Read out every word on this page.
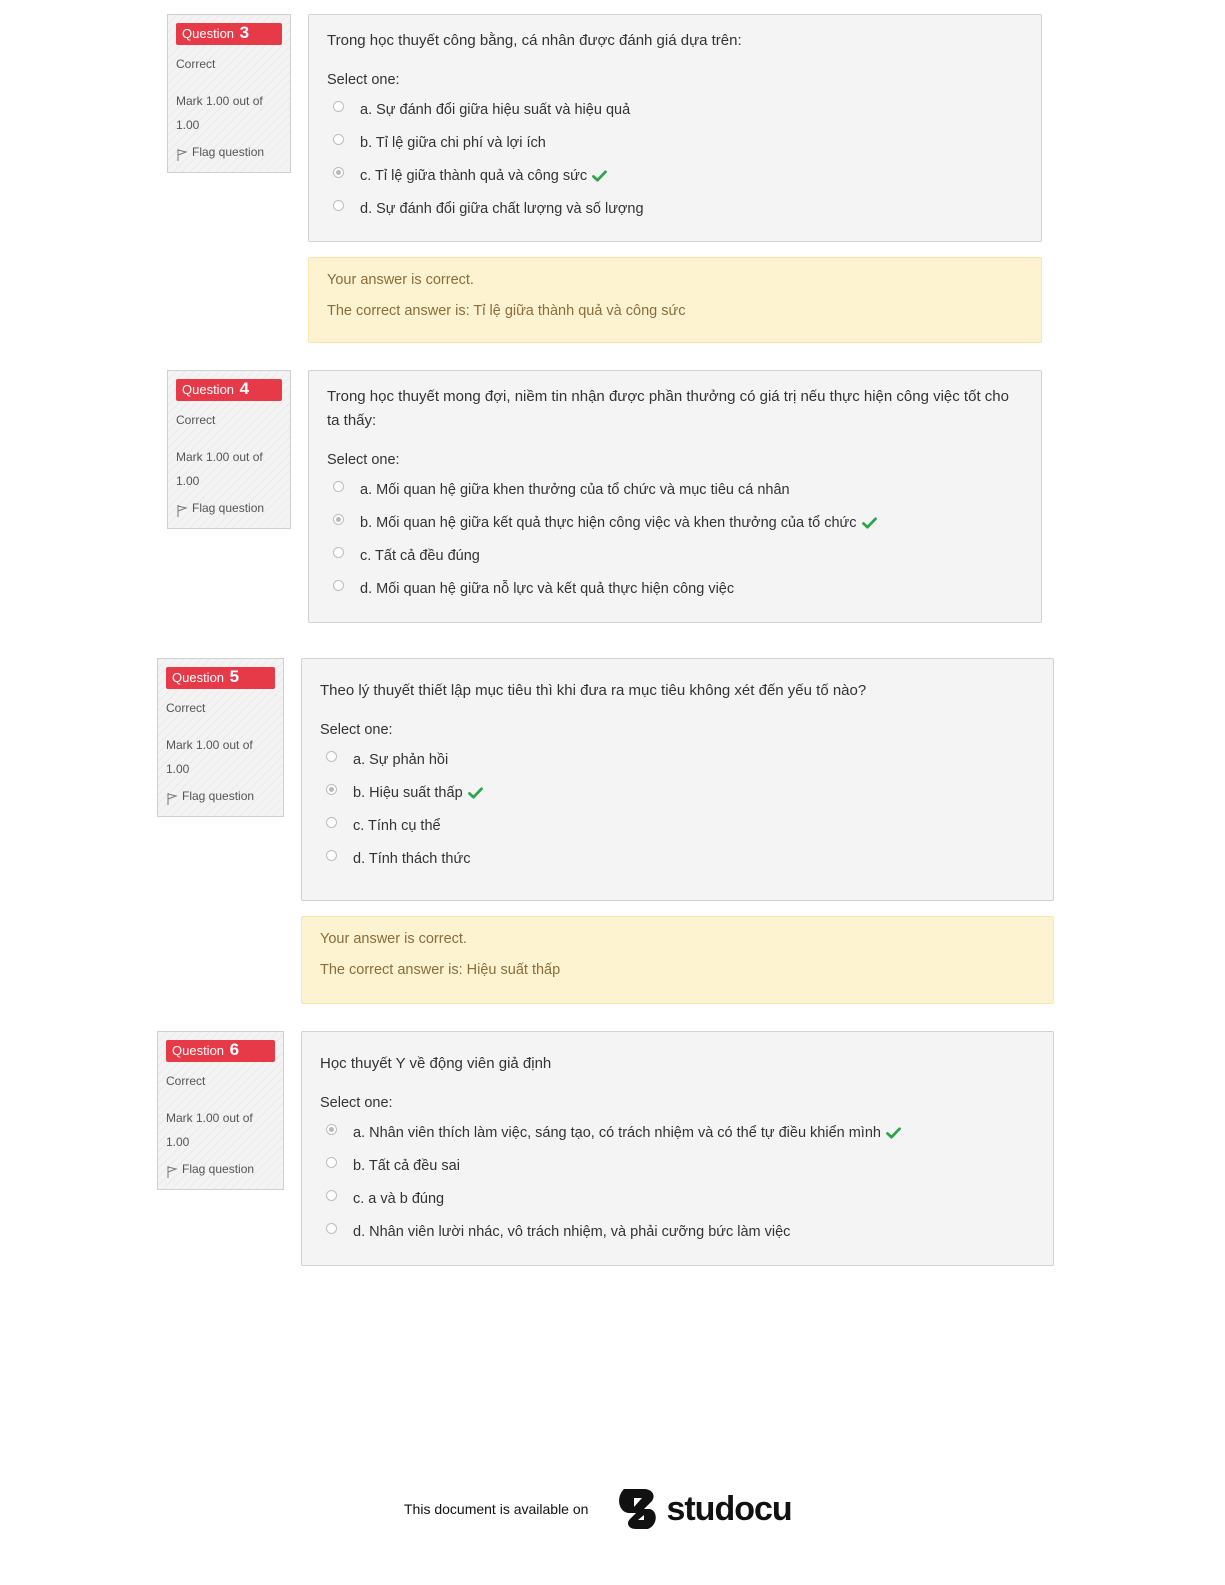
Question 3
Correct
Mark 1.00 out of 1.00
Flag question
Trong học thuyết công bằng, cá nhân được đánh giá dựa trên:
Select one:
a. Sự đánh đổi giữa hiệu suất và hiệu quả
b. Tỉ lệ giữa chi phí và lợi ích
c. Tỉ lệ giữa thành quả và công sức
d. Sự đánh đổi giữa chất lượng và số lượng
Your answer is correct.
The correct answer is: Tỉ lệ giữa thành quả và công sức
Question 4
Correct
Mark 1.00 out of 1.00
Flag question
Trong học thuyết mong đợi, niềm tin nhận được phần thưởng có giá trị nếu thực hiện công việc tốt cho ta thấy:
Select one:
a. Mối quan hệ giữa khen thưởng của tổ chức và mục tiêu cá nhân
b. Mối quan hệ giữa kết quả thực hiện công việc và khen thưởng của tổ chức
c. Tất cả đều đúng
d. Mối quan hệ giữa nỗ lực và kết quả thực hiện công việc
Question 5
Correct
Mark 1.00 out of 1.00
Flag question
Theo lý thuyết thiết lập mục tiêu thì khi đưa ra mục tiêu không xét đến yếu tố nào?
Select one:
a. Sự phản hồi
b. Hiệu suất thấp
c. Tính cụ thể
d. Tính thách thức
Your answer is correct.
The correct answer is: Hiệu suất thấp
Question 6
Correct
Mark 1.00 out of 1.00
Flag question
Học thuyết Y về động viên giả định
Select one:
a. Nhân viên thích làm việc, sáng tạo, có trách nhiệm và có thể tự điều khiển mình
b. Tất cả đều sai
c. a và b đúng
d. Nhân viên lười nhác, vô trách nhiệm, và phải cưỡng bức làm việc
This document is available on studocu
